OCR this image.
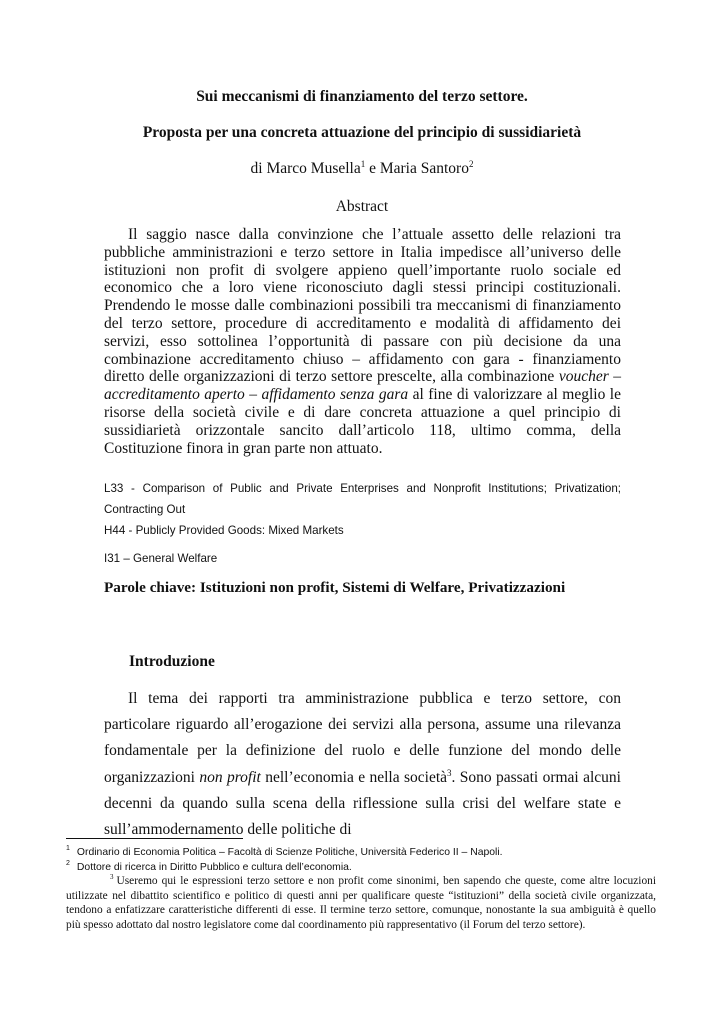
Sui meccanismi di finanziamento del terzo settore.
Proposta per una concreta attuazione del principio di sussidiarietà
di Marco Musella$^1$ e Maria Santoro$^2$
Abstract
Il saggio nasce dalla convinzione che l’attuale assetto delle relazioni tra pubbliche amministrazioni e terzo settore in Italia impedisce all’universo delle istituzioni non profit di svolgere appieno quell’importante ruolo sociale ed economico che a loro viene riconosciuto dagli stessi principi costituzionali. Prendendo le mosse dalle combinazioni possibili tra meccanismi di finanziamento del terzo settore, procedure di accreditamento e modalità di affidamento dei servizi, esso sottolinea l’opportunità di passare con più decisione da una combinazione accreditamento chiuso – affidamento con gara - finanziamento diretto delle organizzazioni di terzo settore prescelte, alla combinazione voucher – accreditamento aperto – affidamento senza gara al fine di valorizzare al meglio le risorse della società civile e di dare concreta attuazione a quel principio di sussidiarietà orizzontale sancito dall’articolo 118, ultimo comma, della Costituzione finora in gran parte non attuato.
L33 - Comparison of Public and Private Enterprises and Nonprofit Institutions; Privatization; Contracting Out
H44 - Publicly Provided Goods: Mixed Markets
I31 – General Welfare
Parole chiave: Istituzioni non profit, Sistemi di Welfare, Privatizzazioni
Introduzione
Il tema dei rapporti tra amministrazione pubblica e terzo settore, con particolare riguardo all’erogazione dei servizi alla persona, assume una rilevanza fondamentale per la definizione del ruolo e delle funzione del mondo delle organizzazioni non profit nell’economia e nella società$^3$. Sono passati ormai alcuni decenni da quando sulla scena della riflessione sulla crisi del welfare state e sull’ammodernamento delle politiche di
$^1$ Ordinario di Economia Politica – Facoltà di Scienze Politiche, Università Federico II – Napoli.
$^2$ Dottore di ricerca in Diritto Pubblico e cultura dell’economia.
$^3$ Useremo qui le espressioni terzo settore e non profit come sinonimi, ben sapendo che queste, come altre locuzioni utilizzate nel dibattito scientifico e politico di questi anni per qualificare queste “istituzioni” della società civile organizzata, tendono a enfatizzare caratteristiche differenti di esse. Il termine terzo settore, comunque, nonostante la sua ambiguità è quello più spesso adottato dal nostro legislatore come dal coordinamento più rappresentativo (il Forum del terzo settore).
